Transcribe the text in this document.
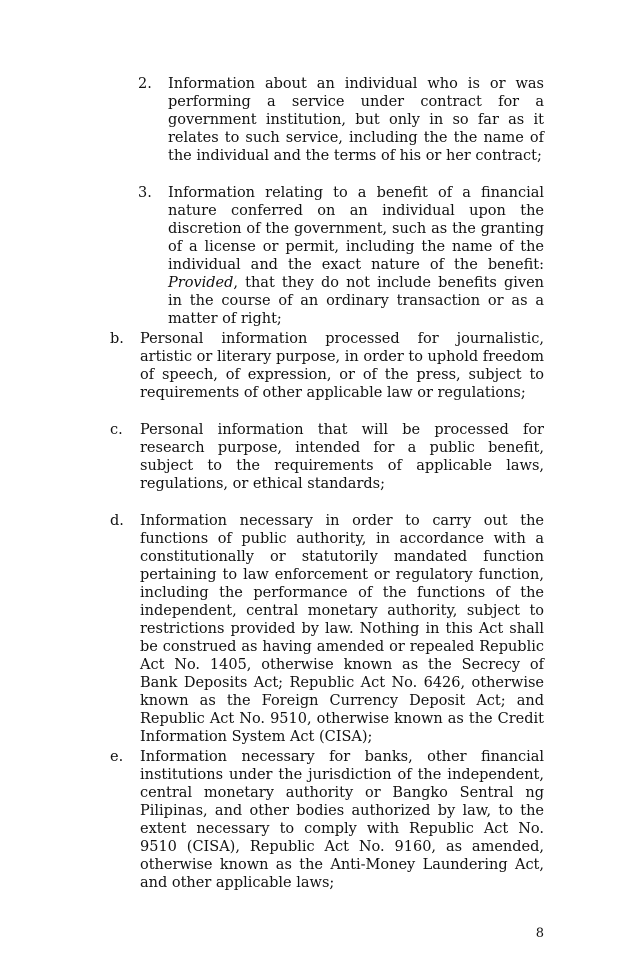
2. Information about an individual who is or was performing a service under contract for a government institution, but only in so far as it relates to such service, including the the name of the individual and the terms of his or her contract;
3. Information relating to a benefit of a financial nature conferred on an individual upon the discretion of the government, such as the granting of a license or permit, including the name of the individual and the exact nature of the benefit: Provided, that they do not include benefits given in the course of an ordinary transaction or as a matter of right;
b. Personal information processed for journalistic, artistic or literary purpose, in order to uphold freedom of speech, of expression, or of the press, subject to requirements of other applicable law or regulations;
c. Personal information that will be processed for research purpose, intended for a public benefit, subject to the requirements of applicable laws, regulations, or ethical standards;
d. Information necessary in order to carry out the functions of public authority, in accordance with a constitutionally or statutorily mandated function pertaining to law enforcement or regulatory function, including the performance of the functions of the independent, central monetary authority, subject to restrictions provided by law. Nothing in this Act shall be construed as having amended or repealed Republic Act No. 1405, otherwise known as the Secrecy of Bank Deposits Act; Republic Act No. 6426, otherwise known as the Foreign Currency Deposit Act; and Republic Act No. 9510, otherwise known as the Credit Information System Act (CISA);
e. Information necessary for banks, other financial institutions under the jurisdiction of the independent, central monetary authority or Bangko Sentral ng Pilipinas, and other bodies authorized by law, to the extent necessary to comply with Republic Act No. 9510 (CISA), Republic Act No. 9160, as amended, otherwise known as the Anti-Money Laundering Act, and other applicable laws;
8
